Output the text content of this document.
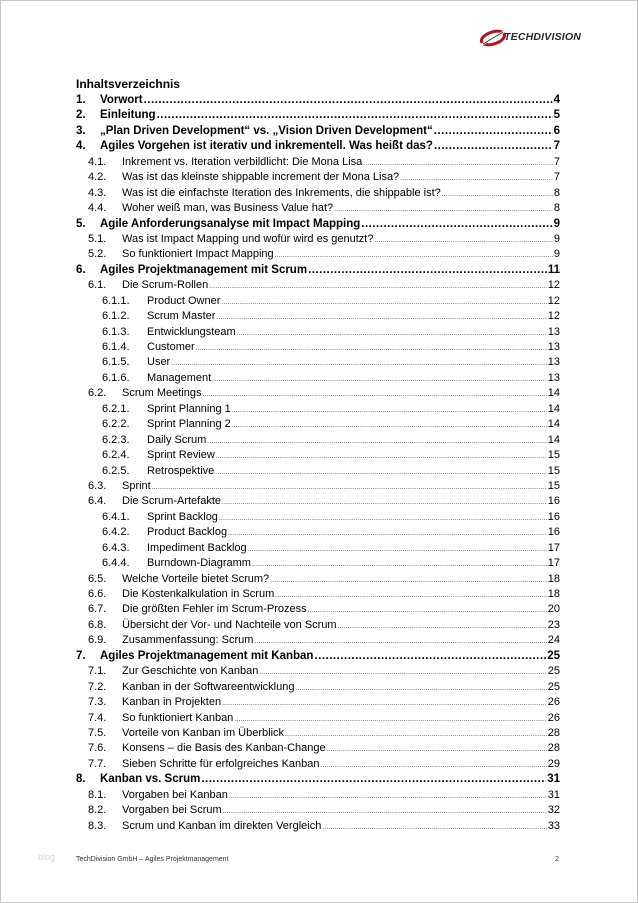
TECHDIVISION
Inhaltsverzeichnis
1.	Vorwort .....	4
2.	Einleitung .....	5
3.	„Plan Driven Development“ vs. „Vision Driven Development“ .....	6
4.	Agiles Vorgehen ist iterativ und inkrementell. Was heißt das? .....	7
4.1.	Inkrement vs. Iteration verbildlicht: Die Mona Lisa .....	7
4.2.	Was ist das kleinste shippable increment der Mona Lisa? .....	7
4.3.	Was ist die einfachste Iteration des Inkrements, die shippable ist? .....	8
4.4.	Woher weiß man, was Business Value hat? .....	8
5.	Agile Anforderungsanalyse mit Impact Mapping .....	9
5.1.	Was ist Impact Mapping und wofür wird es genutzt? .....	9
5.2.	So funktioniert Impact Mapping .....	9
6.	Agiles Projektmanagement mit Scrum .....	11
6.1.	Die Scrum-Rollen .....	12
6.1.1.	Product Owner .....	12
6.1.2.	Scrum Master .....	12
6.1.3.	Entwicklungsteam .....	13
6.1.4.	Customer .....	13
6.1.5.	User .....	13
6.1.6.	Management .....	13
6.2.	Scrum Meetings .....	14
6.2.1.	Sprint Planning 1 .....	14
6.2.2.	Sprint Planning 2 .....	14
6.2.3.	Daily Scrum .....	14
6.2.4.	Sprint Review .....	15
6.2.5.	Retrospektive .....	15
6.3.	Sprint .....	15
6.4.	Die Scrum-Artefakte .....	16
6.4.1.	Sprint Backlog .....	16
6.4.2.	Product Backlog .....	16
6.4.3.	Impediment Backlog .....	17
6.4.4.	Burndown-Diagramm .....	17
6.5.	Welche Vorteile bietet Scrum? .....	18
6.6.	Die Kostenkalkulation in Scrum .....	18
6.7.	Die größten Fehler im Scrum-Prozess .....	20
6.8.	Übersicht der Vor- und Nachteile von Scrum .....	23
6.9.	Zusammenfassung: Scrum .....	24
7.	Agiles Projektmanagement mit Kanban .....	25
7.1.	Zur Geschichte von Kanban .....	25
7.2.	Kanban in der Softwareentwicklung .....	25
7.3.	Kanban in Projekten .....	26
7.4.	So funktioniert Kanban .....	26
7.5.	Vorteile von Kanban im Überblick .....	28
7.6.	Konsens – die Basis des Kanban-Change .....	28
7.7.	Sieben Schritte für erfolgreiches Kanban .....	29
8.	Kanban vs. Scrum .....	31
8.1.	Vorgaben bei Kanban .....	31
8.2.	Vorgaben bei Scrum .....	32
8.3.	Scrum und Kanban im direkten Vergleich .....	33
blog	TechDivision GmbH – Agiles Projektmanagement	2
